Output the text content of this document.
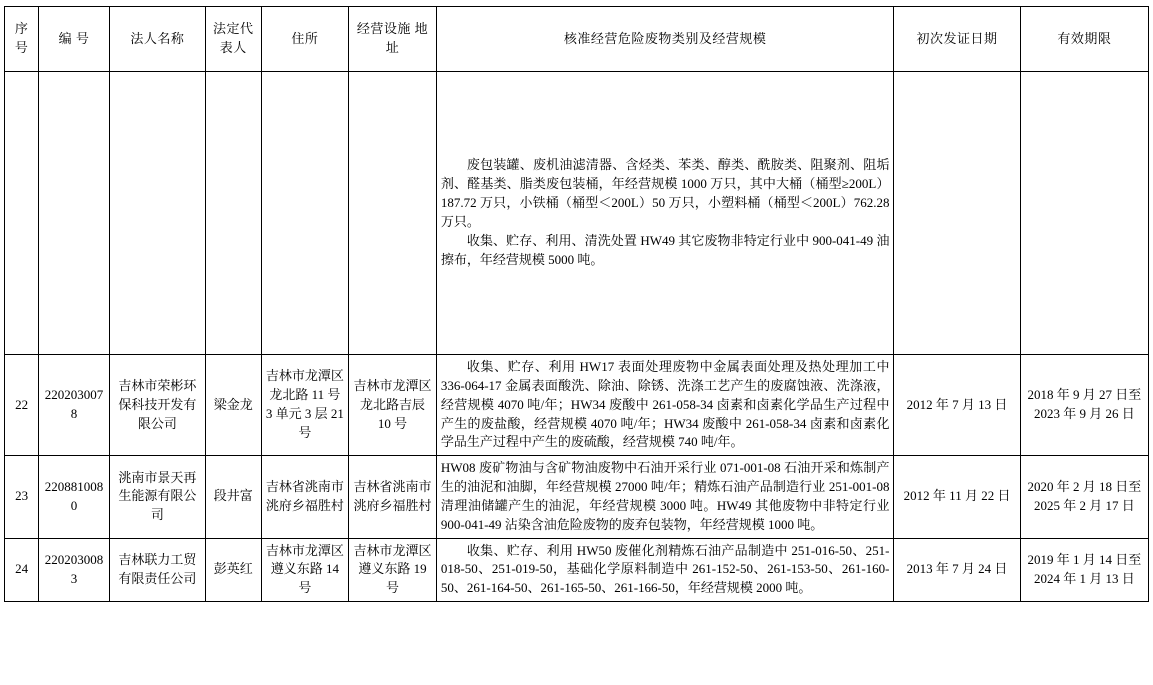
序 号	编 号	法人名称	法定代 表人	住所	经营设施 地址	核准经营危险废物类别及经营规模	初次发证日期	有效期限

						废包装罐、废机油滤清器、含烃类、苯类、醇类、酰胺类、阻聚剂、阻垢剂、醛基类、脂类废包装桶，年经营规模 1000 万只，其中大桶（桶型≥200L）187.72 万只，小铁桶（桶型＜200L）50 万只，小塑料桶（桶型＜200L）762.28 万只。

收集、贮存、利用、清洗处置 HW49 其它废物非特定行业中 900-041-49 油擦布，年经营规模 5000 吨。		

22	2202030078	吉林市荣彬环保科技开发有限公司	梁金龙	吉林市龙潭区龙北路 11 号 3 单元 3 层 21 号	吉林市龙潭区龙北路吉辰 10 号	收集、贮存、利用 HW17 表面处理废物中金属表面处理及热处理加工中 336-064-17 金属表面酸洗、除油、除锈、洗涤工艺产生的废腐蚀液、洗涤液，经营规模 4070 吨/年；HW34 废酸中 261-058-34 卤素和卤素化学品生产过程中产生的废盐酸，经营规模 4070 吨/年；HW34 废酸中 261-058-34 卤素和卤素化学品生产过程中产生的废硫酸，经营规模 740 吨/年。	2012 年 7 月 13 日	2018 年 9 月 27 日至 2023 年 9 月 26 日
23	2208810080	洮南市景天再生能源有限公司	段井富	吉林省洮南市洮府乡福胜村	吉林省洮南市洮府乡福胜村	HW08 废矿物油与含矿物油废物中石油开采行业 071-001-08 石油开采和炼制产生的油泥和油脚，年经营规模 27000 吨/年；精炼石油产品制造行业 251-001-08 清理油储罐产生的油泥，年经营规模 3000 吨。HW49 其他废物中非特定行业 900-041-49 沾染含油危险废物的废弃包装物，年经营规模 1000 吨。	2012 年 11 月 22 日	2020 年 2 月 18 日至 2025 年 2 月 17 日
24	2202030083	吉林联力工贸有限责任公司	彭英红	吉林市龙潭区遵义东路 14 号	吉林市龙潭区遵义东路 19 号	收集、贮存、利用 HW50 废催化剂精炼石油产品制造中 251-016-50、251-018-50、251-019-50，基础化学原料制造中 261-152-50、261-153-50、261-160-50、261-164-50、261-165-50、261-166-50，年经营规模 2000 吨。	2013 年 7 月 24 日	2019 年 1 月 14 日至 2024 年 1 月 13 日
